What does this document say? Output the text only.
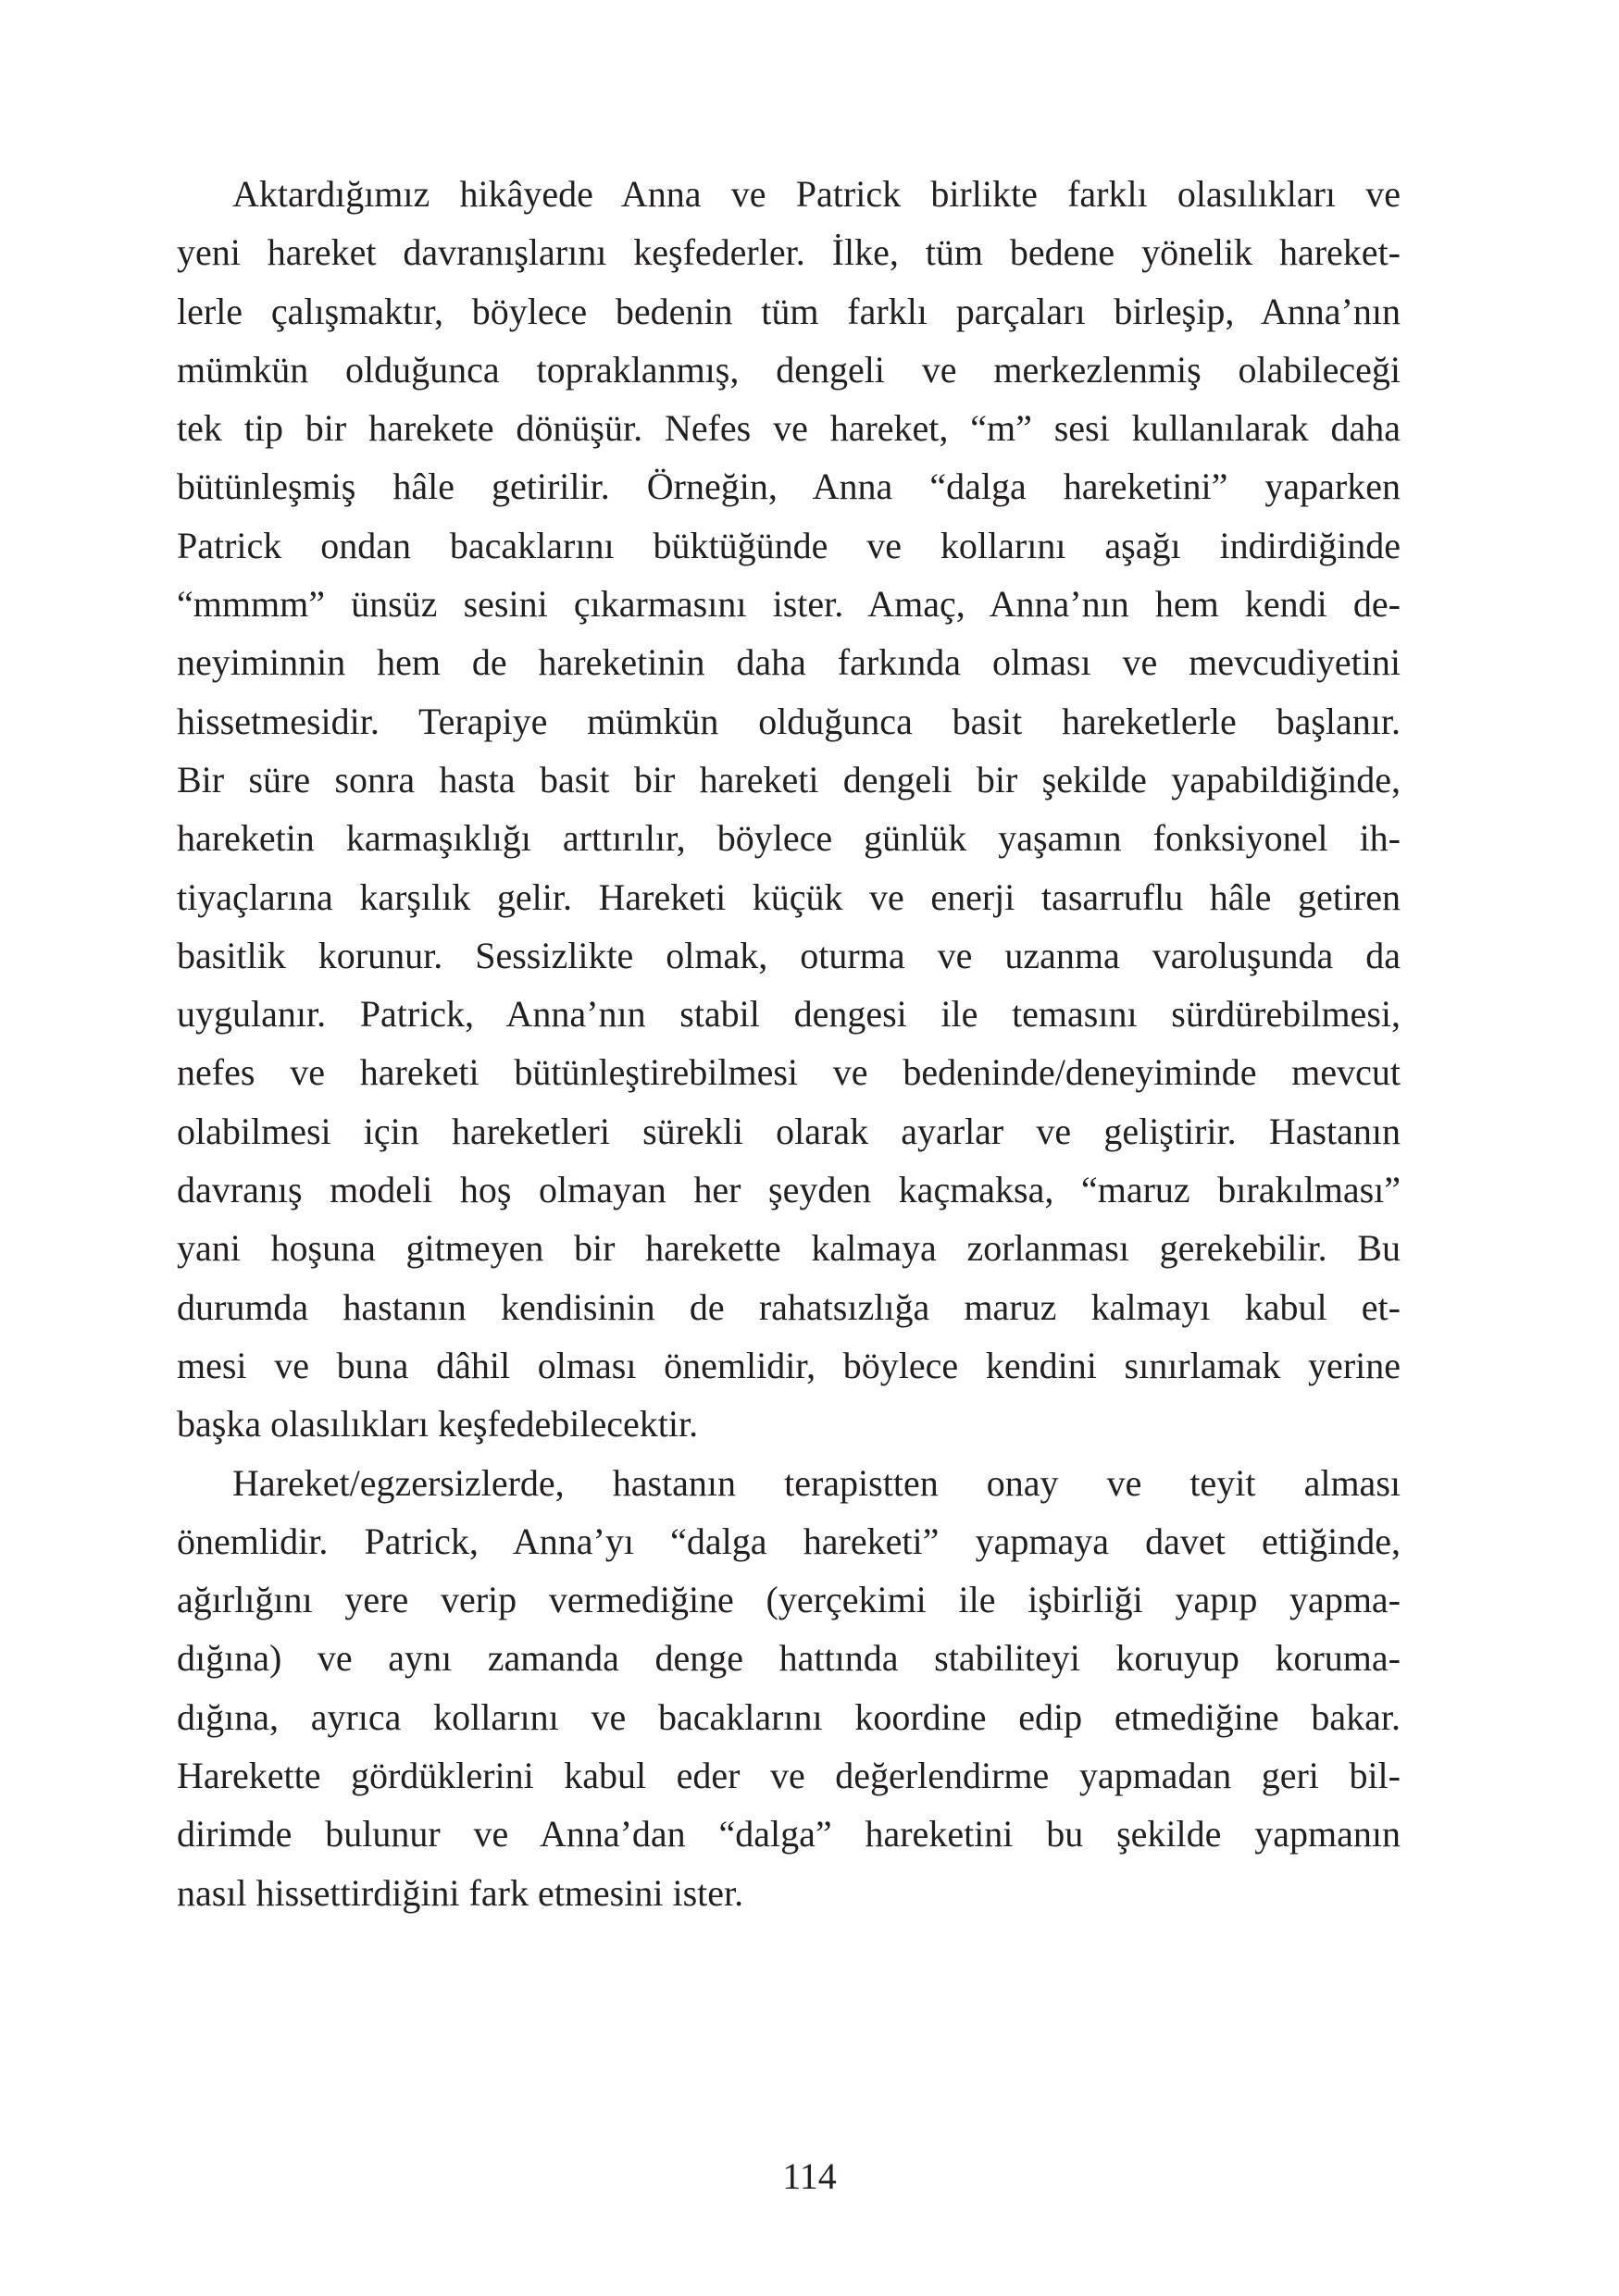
Aktardığımız hikâyede Anna ve Patrick birlikte farklı olasılıkları ve
yeni hareket davranışlarını keşfederler. İlke, tüm bedene yönelik hareket-
lerle çalışmaktır, böylece bedenin tüm farklı parçaları birleşip, Anna’nın
mümkün olduğunca topraklanmış, dengeli ve merkezlenmiş olabileceği
tek tip bir harekete dönüşür. Nefes ve hareket, “m” sesi kullanılarak daha
bütünleşmiş hâle getirilir. Örneğin, Anna “dalga hareketini” yaparken
Patrick ondan bacaklarını büktüğünde ve kollarını aşağı indirdiğinde
“mmmm” ünsüz sesini çıkarmasını ister. Amaç, Anna’nın hem kendi de-
neyiminnin hem de hareketinin daha farkında olması ve mevcudiyetini
hissetmesidir. Terapiye mümkün olduğunca basit hareketlerle başlanır.
Bir süre sonra hasta basit bir hareketi dengeli bir şekilde yapabildiğinde,
hareketin karmaşıklığı arttırılır, böylece günlük yaşamın fonksiyonel ih-
tiyaçlarına karşılık gelir. Hareketi küçük ve enerji tasarruflu hâle getiren
basitlik korunur. Sessizlikte olmak, oturma ve uzanma varoluşunda da
uygulanır. Patrick, Anna’nın stabil dengesi ile temasını sürdürebilmesi,
nefes ve hareketi bütünleştirebilmesi ve bedeninde/deneyiminde mevcut
olabilmesi için hareketleri sürekli olarak ayarlar ve geliştirir. Hastanın
davranış modeli hoş olmayan her şeyden kaçmaksa, “maruz bırakılması”
yani hoşuna gitmeyen bir harekette kalmaya zorlanması gerekebilir. Bu
durumda hastanın kendisinin de rahatsızlığa maruz kalmayı kabul et-
mesi ve buna dâhil olması önemlidir, böylece kendini sınırlamak yerine
başka olasılıkları keşfedebilecektir.
Hareket/egzersizlerde, hastanın terapistten onay ve teyit alması
önemlidir. Patrick, Anna’yı “dalga hareketi” yapmaya davet ettiğinde,
ağırlığını yere verip vermediğine (yerçekimi ile işbirliği yapıp yapma-
dığına) ve aynı zamanda denge hattında stabiliteyi koruyup koruma-
dığına, ayrıca kollarını ve bacaklarını koordine edip etmediğine bakar.
Harekette gördüklerini kabul eder ve değerlendirme yapmadan geri bil-
dirimde bulunur ve Anna’dan “dalga” hareketini bu şekilde yapmanın
nasıl hissettirdiğini fark etmesini ister.
114
